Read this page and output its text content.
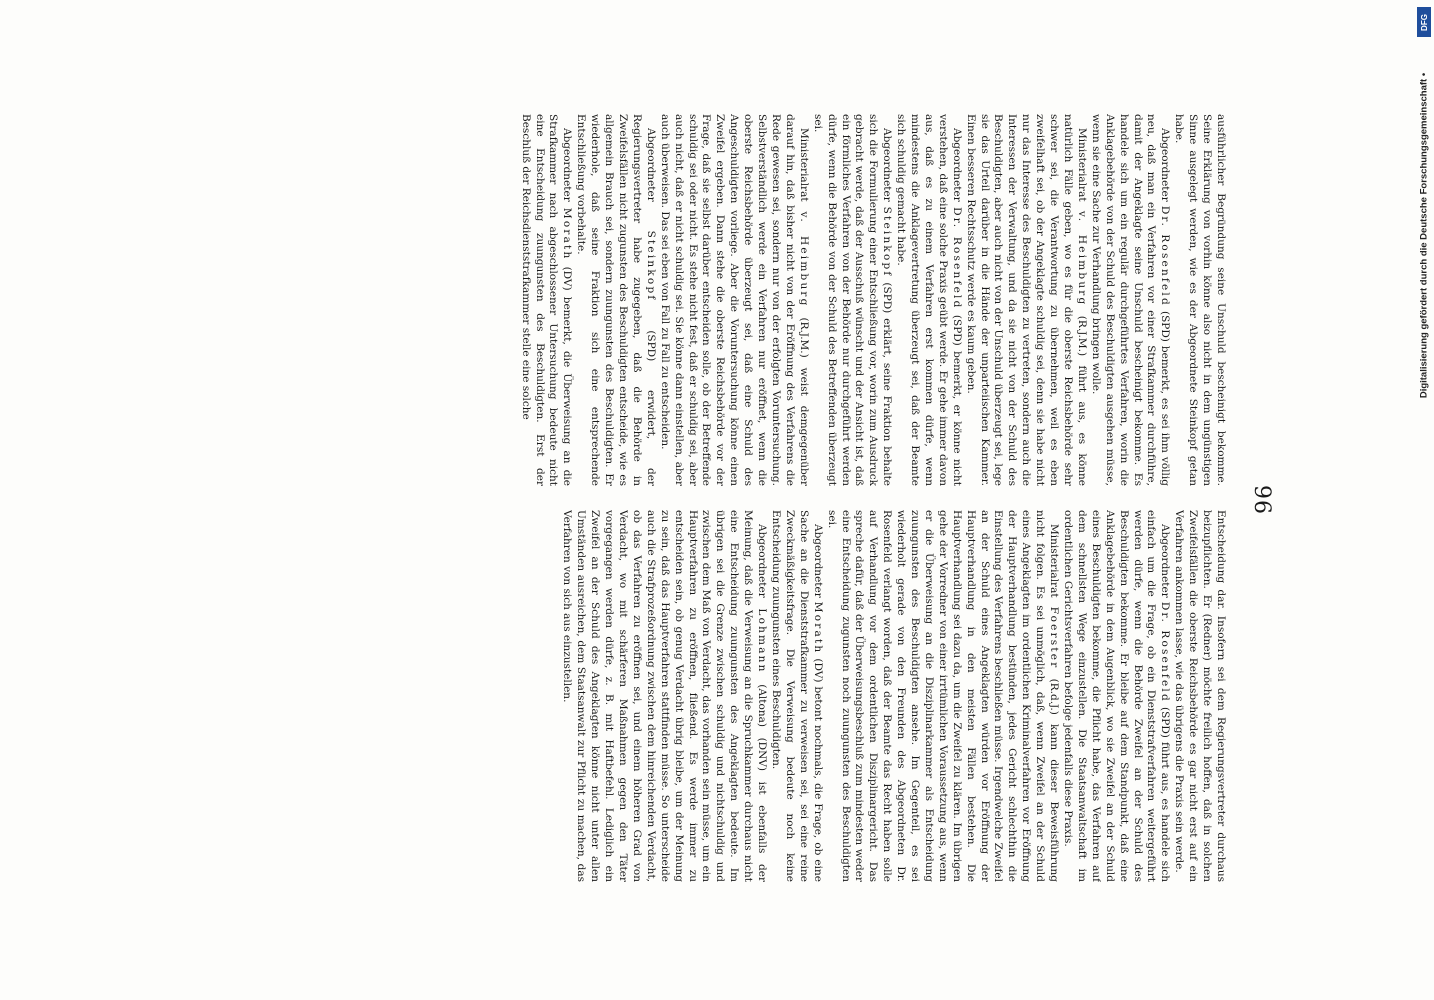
96

ausführlicher Begründung seine Unschuld bescheinigt bekomme. Seine Erklärung von vorhin könne also nicht in dem ungünstigen Sinne ausgelegt werden, wie es der Abgeordnete Steinkopf getan habe.

Abgeordneter Dr. Rosenfeld (SPD) bemerkt, es sei ihm völlig neu, daß man ein Verfahren vor einer Strafkammer durchführe, damit der Angeklagte seine Unschuld bescheinigt bekomme. Es handele sich um ein regulär durchgeführtes Verfahren, worin die Anklagebehörde von der Schuld des Beschuldigten ausgehen müsse, wenn sie eine Sache zur Verhandlung bringen wolle.

Ministerialrat v. Heimburg (R.J.M.) führt aus, es könne natürlich Fälle geben, wo es für die oberste Reichsbehörde sehr schwer sei, die Verantwortung zu übernehmen, weil es eben zweifelhaft sei, ob der Angeklagte schuldig sei, denn sie habe nicht nur das Interesse des Beschuldigten zu vertreten, sondern auch die Interessen der Verwaltung, und da sie nicht von der Schuld des Beschuldigten, aber auch nicht von der Unschuld überzeugt sei, lege sie das Urteil darüber in die Hände der unparteiischen Kammer. Einen besseren Rechtsschutz werde es kaum geben.

Abgeordneter Dr. Rosenfeld (SPD) bemerkt, er könne nicht verstehen, daß eine solche Praxis geübt werde. Er gehe immer davon aus, daß es zu einem Verfahren erst kommen dürfe, wenn mindestens die Anklagevertretung überzeugt sei, daß der Beamte sich schuldig gemacht habe.

Abgeordneter Steinkopf (SPD) erklärt, seine Fraktion behalte sich die Formulierung einer Entschließung vor, worin zum Ausdruck gebracht werde, daß der Ausschuß wünscht und der Ansicht ist, daß ein förmliches Verfahren von der Behörde nur durchgeführt werden dürfe, wenn die Behörde von der Schuld des Betreffenden überzeugt sei.

Ministerialrat v. Heimburg (R.J.M.) weist demgegenüber darauf hin, daß bisher nicht von der Eröffnung des Verfahrens die Rede gewesen sei, sondern nur von der erfolgten Voruntersuchung. Selbstverständlich werde ein Verfahren nur eröffnet, wenn die oberste Reichsbehörde überzeugt sei, daß eine Schuld des Angeschuldigten vorliege. Aber die Voruntersuchung könne einen Zweifel ergeben. Dann stehe die oberste Reichsbehörde vor der Frage, daß sie selbst darüber entscheiden solle, ob der Betreffende schuldig sei oder nicht. Es stehe nicht fest, daß er schuldig sei, aber auch nicht, daß er nicht schuldig sei. Sie könne dann einstellen, aber auch überweisen. Das sei eben von Fall zu Fall zu entscheiden.

Abgeordneter Steinkopf (SPD) erwidert, der Regierungsvertreter habe zugegeben, daß die Behörde in Zweifelsfällen nicht zugunsten des Beschuldigten entscheide, wie es allgemein Brauch sei, sondern zuungunsten des Beschuldigten. Er wiederhole, daß seine Fraktion sich eine entsprechende Entschließung vorbehalte.

Abgeordneter Morath (DV) bemerkt, die Überweisung an die Strafkammer nach abgeschlossener Untersuchung bedeute nicht eine Entscheidung zuungunsten des Beschuldigten. Erst der Beschluß der Reichsdienststrafkammer stelle eine solche

Entscheidung dar. Insofern sei dem Regierungsvertreter durchaus beizupflichten. Er (Redner) möchte freilich hoffen, daß in solchen Zweifelsfällen die oberste Reichsbehörde es gar nicht erst auf ein Verfahren ankommen lasse, wie das übrigens die Praxis sein werde.

Abgeordneter Dr. Rosenfeld (SPD) führt aus, es handele sich einfach um die Frage, ob ein Dienststrafverfahren weitergeführt werden dürfe, wenn die Behörde Zweifel an der Schuld des Beschuldigten bekomme. Er bleibe auf dem Standpunkt, daß eine Anklagebehörde in dem Augenblick, wo sie Zweifel an der Schuld eines Beschuldigten bekomme, die Pflicht habe, das Verfahren auf dem schnellsten Wege einzustellen. Die Staatsanwaltschaft im ordentlichen Gerichtsverfahren befolge jedenfalls diese Praxis.

Ministerialrat Foerster (R.d.J.) kann dieser Beweisführung nicht folgen. Es sei unmöglich, daß, wenn Zweifel an der Schuld eines Angeklagten im ordentlichen Kriminalverfahren vor Eröffnung der Hauptverhandlung bestünden, jedes Gericht schlechthin die Einstellung des Verfahrens beschließen müsse. Irgendwelche Zweifel an der Schuld eines Angeklagten würden vor Eröffnung der Hauptverhandlung in den meisten Fällen bestehen. Die Hauptverhandlung sei dazu da, um die Zweifel zu klären. Im übrigen gehe der Vorredner von einer irrtümlichen Voraussetzung aus, wenn er die Überweisung an die Disziplinarkammer als Entscheidung zuungunsten des Beschuldigten ansehe. Im Gegenteil, es sei wiederholt gerade von den Freunden des Abgeordneten Dr. Rosenfeld verlangt worden, daß der Beamte das Recht haben solle auf Verhandlung vor dem ordentlichen Disziplinargericht. Das spreche dafür, daß der Überweisungsbeschluß zum mindesten weder eine Entscheidung zugunsten noch zuungunsten des Beschuldigten sei.

Abgeordneter Morath (DV) betont nochmals, die Frage, ob eine Sache an die Dienststrafkammer zu verweisen sei, sei eine reine Zweckmäßigkeitsfrage. Die Verweisung bedeute noch keine Entscheidung zuungunsten eines Beschuldigten.

Abgeordneter Lohmann (Altona) (DNV) ist ebenfalls der Meinung, daß die Verweisung an die Spruchkammer durchaus nicht eine Entscheidung zuungunsten des Angeklagten bedeute. Im übrigen sei die Grenze zwischen schuldig und nichtschuldig und zwischen dem Maß von Verdacht, das vorhanden sein müsse, um ein Hauptverfahren zu eröffnen, fließend. Es werde immer zu entscheiden sein, ob genug Verdacht übrig bleibe, um der Meinung zu sein, daß das Hauptverfahren stattfinden müsse. So unterscheide auch die Strafprozeßordnung zwischen dem hinreichenden Verdacht, ob das Verfahren zu eröffnen sei, und einem höheren Grad von Verdacht, wo mit schärferen Maßnahmen gegen den Täter vorgegangen werden dürfe, z. B. mit Haftbefehl. Lediglich ein Zweifel an der Schuld des Angeklagten könne nicht unter allen Umständen ausreichen, dem Staatsanwalt zur Pflicht zu machen, das Verfahren von sich aus einzustellen.

DFG
Digitalisierung gefördert durch die Deutsche Forschungsgemeinschaft •
